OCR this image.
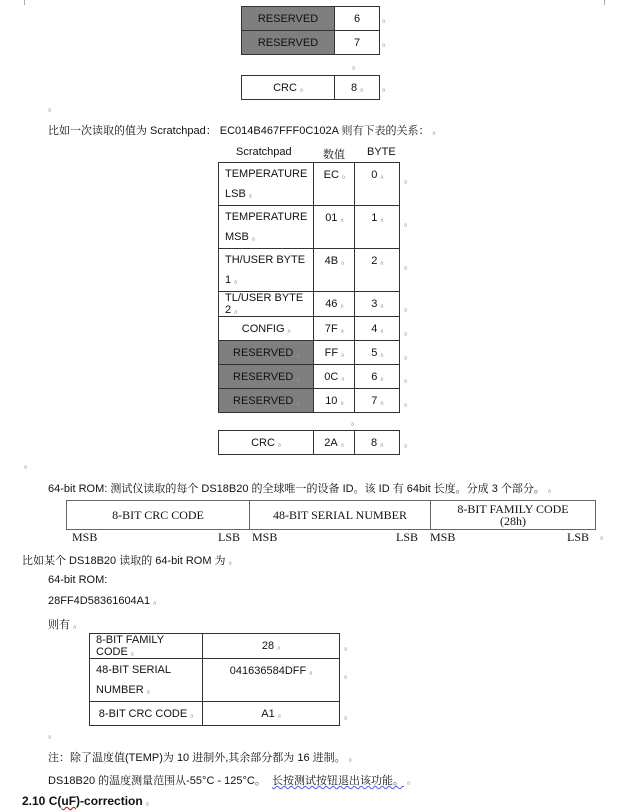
RESERVED	6
RESERVED	7
ₐ
ₐ
ₐ
CRC ₐ	8 ₐ ₐ
ₐ
比如一次读取的值为 Scratchpad： EC014B467FFF0C102A 则有下表的关系： ₐ
Scratchpad	数值 BYTE
TEMPERATURE LSB ₐ	EC ₐ	0 ₐ
TEMPERATURE MSB ₐ	01 ₐ	1 ₐ
TH/USER BYTE 1 ₐ	4B ₐ	2 ₐ
TL/USER BYTE 2 ₐ	46 ₐ	3 ₐ
CONFIG ₐ	7F ₐ	4 ₐ
RESERVED ₐ	FF ₐ	5 ₐ
RESERVED ₐ	0C ₐ	6 ₐ
RESERVED ₐ	10 ₐ	7 ₐ
ₐ
ₐ
ₐ
ₐ
ₐ
ₐ
ₐ
ₐ
ₐ
CRC ₐ	2A ₐ	8 ₐ	ₐ
ₐ
64-bit ROM: 测试仪读取的每个 DS18B20 的全球唯一的设备 ID。该 ID 有 64bit 长度。分成 3 个部分。 ₐ
8-BIT CRC CODE	48-BIT SERIAL NUMBER	8-BIT FAMILY CODE
(28h)
MSB	LSB MSB	LSB MSB	LSB ₐ
比如某个 DS18B20 读取的 64-bit ROM 为 ₐ
64-bit ROM:
28FF4D58361604A1 ₐ
则有 ₐ
8-BIT FAMILY CODE ₐ	28 ₐ
48-BIT SERIAL NUMBER ₐ	041636584DFF ₐ
8-BIT CRC CODE ₐ	A1 ₐ
ₐ
ₐ
ₐ
ₐ
注：除了温度值(TEMP)为 10 进制外,其余部分都为 16 进制。 ₐ
DS18B20 的温度测量范围从-55°C - 125°C。 长按测试按钮退出该功能。 ₐ
2.10 C(uF)-correction ₐ
